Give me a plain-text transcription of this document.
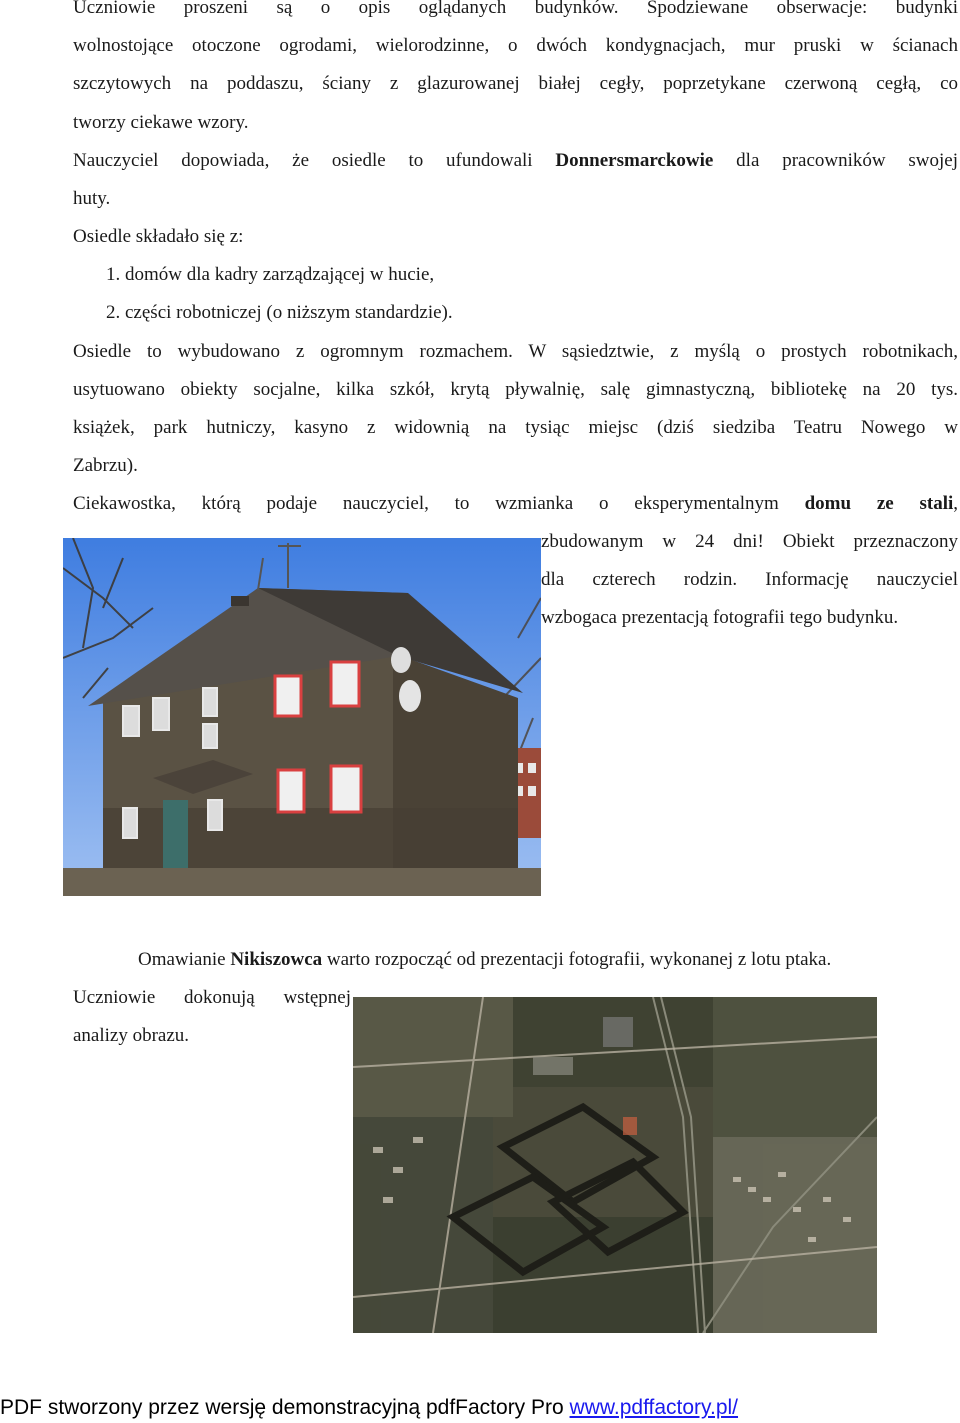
Uczniowie proszeni są o opis oglądanych budynków. Spodziewane obserwacje: budynki
wolnostojące otoczone ogrodami, wielorodzinne, o dwóch kondygnacjach, mur pruski w ścianach
szczytowych na poddaszu, ściany z glazurowanej białej cegły, poprzetykane czerwoną cegłą, co
tworzy ciekawe wzory.
Nauczyciel dopowiada, że osiedle to ufundowali Donnersmarckowie dla pracowników swojej
huty.
Osiedle składało się z:
1. domów dla kadry zarządzającej w hucie,
2. części robotniczej (o niższym standardzie).
Osiedle to wybudowano z ogromnym rozmachem. W sąsiedztwie, z myślą o prostych robotnikach,
usytuowano obiekty socjalne, kilka szkół, krytą pływalnię, salę gimnastyczną, bibliotekę na 20 tys.
książek, park hutniczy, kasyno z widownią na tysiąc miejsc (dziś siedziba Teatru Nowego w
Zabrzu).
Ciekawostka, którą podaje nauczyciel, to wzmianka o eksperymentalnym domu ze stali,
zbudowanym w 24 dni! Obiekt przeznaczony
dla czterech rodzin. Informację nauczyciel
wzbogaca prezentacją fotografii tego budynku.
Omawianie Nikiszowca warto rozpocząć od prezentacji fotografii, wykonanej z lotu ptaka.
Uczniowie dokonują wstępnej
analizy obrazu.
PDF stworzony przez wersję demonstracyjną pdfFactory Pro www.pdffactory.pl/
